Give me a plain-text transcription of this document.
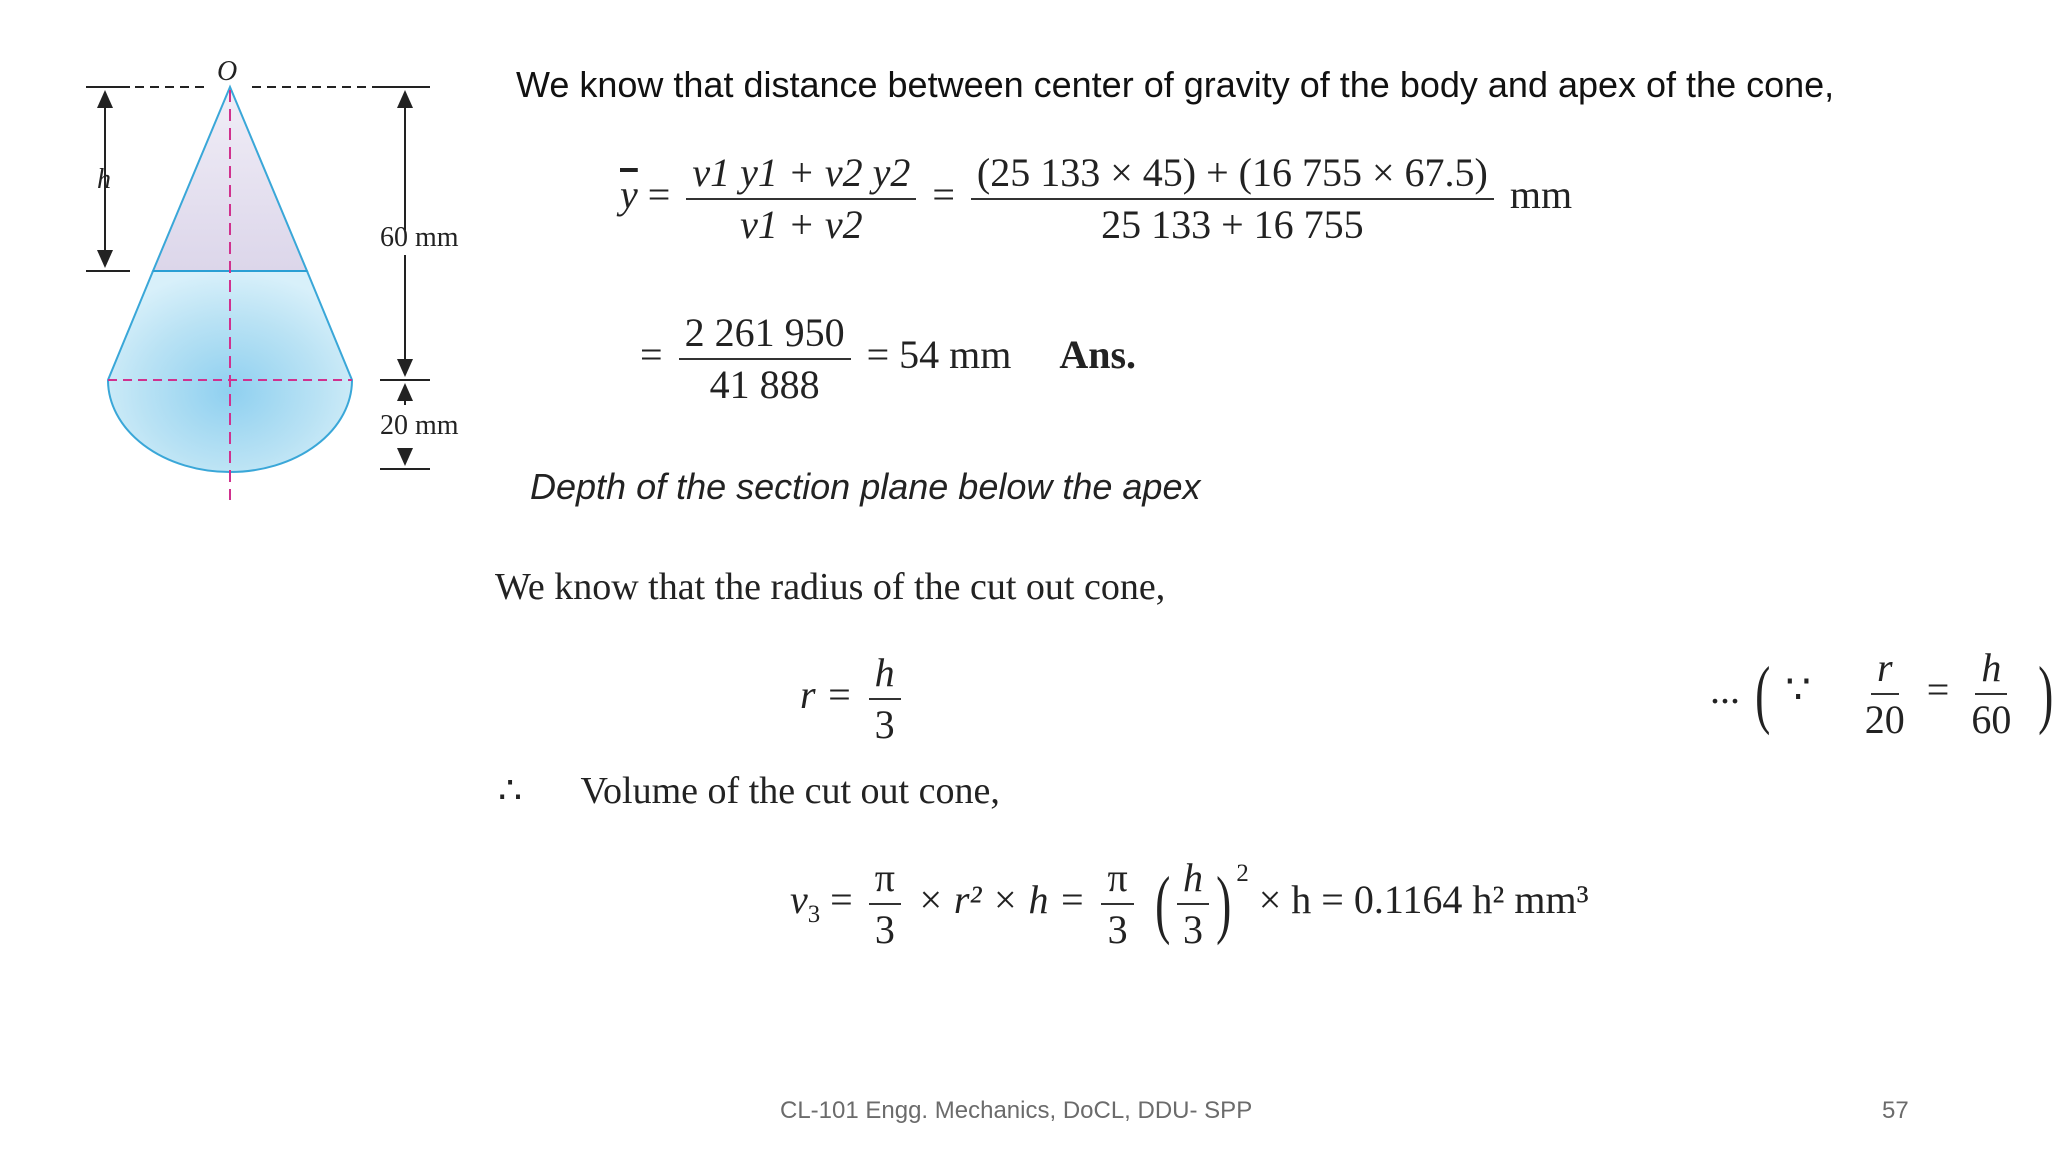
O
h
60 mm
20 mm
We know that distance between center of gravity of the body and apex of the cone,
$\overline{y} = \frac{v1 y1 + v2 y2}{v1 + v2} = \frac{(25 133 \times 45) + (16 755 \times 67.5)}{25 133 + 16 755}$ mm
= $\frac{2 261 950}{41 888} = 54$ mm Ans.
Depth of the section plane below the apex
We know that the radius of the cut out cone,
$r = \frac{h}{3}$	... ( ∵ $\frac{r}{20} = \frac{h}{60}$ )
∴ Volume of the cut out cone,
$v_3 = \frac{\pi}{3} \times r^2 \times h = \frac{\pi}{3}$ ( $\frac{h}{3}$ ) $^2$ × h = 0.1164 h² mm³
CL-101 Engg. Mechanics, DoCL, DDU- SPP	57
